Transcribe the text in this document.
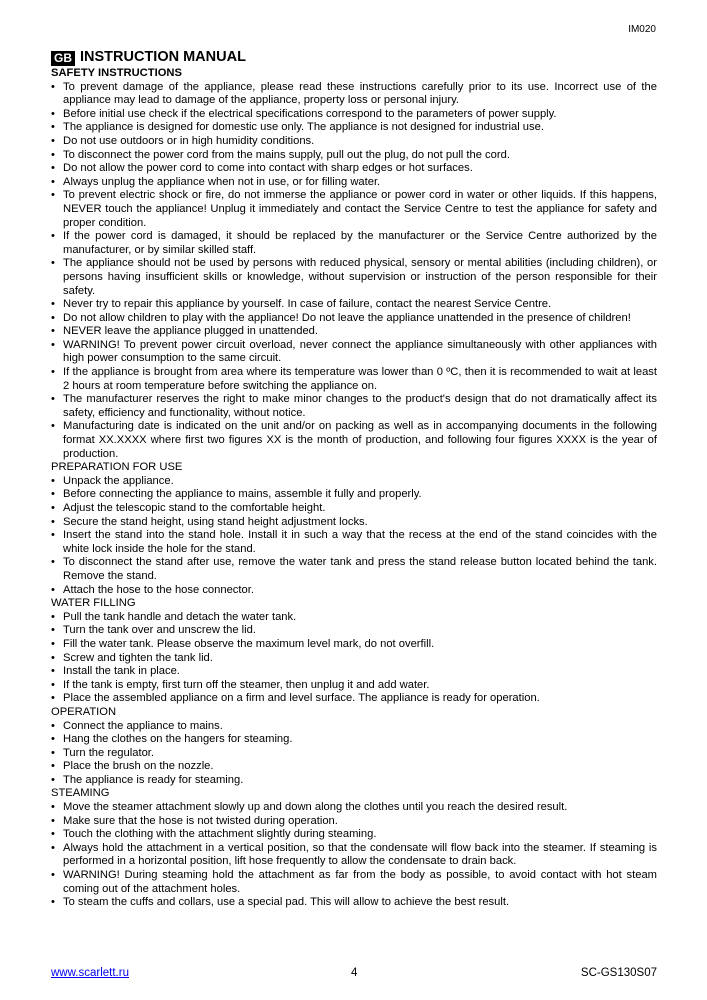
IM020
GB INSTRUCTION MANUAL
SAFETY INSTRUCTIONS
• To prevent damage of the appliance, please read these instructions carefully prior to its use. Incorrect use of the appliance may lead to damage of the appliance, property loss or personal injury.
• Before initial use check if the electrical specifications correspond to the parameters of power supply.
• The appliance is designed for domestic use only. The appliance is not designed for industrial use.
• Do not use outdoors or in high humidity conditions.
• To disconnect the power cord from the mains supply, pull out the plug, do not pull the cord.
• Do not allow the power cord to come into contact with sharp edges or hot surfaces.
• Always unplug the appliance when not in use, or for filling water.
• To prevent electric shock or fire, do not immerse the appliance or power cord in water or other liquids. If this happens, NEVER touch the appliance! Unplug it immediately and contact the Service Centre to test the appliance for safety and proper condition.
• If the power cord is damaged, it should be replaced by the manufacturer or the Service Centre authorized by the manufacturer, or by similar skilled staff.
• The appliance should not be used by persons with reduced physical, sensory or mental abilities (including children), or persons having insufficient skills or knowledge, without supervision or instruction of the person responsible for their safety.
• Never try to repair this appliance by yourself. In case of failure, contact the nearest Service Centre.
• Do not allow children to play with the appliance! Do not leave the appliance unattended in the presence of children!
• NEVER leave the appliance plugged in unattended.
• WARNING! To prevent power circuit overload, never connect the appliance simultaneously with other appliances with high power consumption to the same circuit.
• If the appliance is brought from area where its temperature was lower than 0 ºC, then it is recommended to wait at least 2 hours at room temperature before switching the appliance on.
• The manufacturer reserves the right to make minor changes to the product's design that do not dramatically affect its safety, efficiency and functionality, without notice.
• Manufacturing date is indicated on the unit and/or on packing as well as in accompanying documents in the following format XX.XXXX where first two figures XX is the month of production, and following four figures XXXX is the year of production.
PREPARATION FOR USE
• Unpack the appliance.
• Before connecting the appliance to mains, assemble it fully and properly.
• Adjust the telescopic stand to the comfortable height.
• Secure the stand height, using stand height adjustment locks.
• Insert the stand into the stand hole. Install it in such a way that the recess at the end of the stand coincides with the white lock inside the hole for the stand.
• To disconnect the stand after use, remove the water tank and press the stand release button located behind the tank. Remove the stand.
• Attach the hose to the hose connector.
WATER FILLING
• Pull the tank handle and detach the water tank.
• Turn the tank over and unscrew the lid.
• Fill the water tank. Please observe the maximum level mark, do not overfill.
• Screw and tighten the tank lid.
• Install the tank in place.
• If the tank is empty, first turn off the steamer, then unplug it and add water.
• Place the assembled appliance on a firm and level surface. The appliance is ready for operation.
OPERATION
• Connect the appliance to mains.
• Hang the clothes on the hangers for steaming.
• Turn the regulator.
• Place the brush on the nozzle.
• The appliance is ready for steaming.
STEAMING
• Move the steamer attachment slowly up and down along the clothes until you reach the desired result.
• Make sure that the hose is not twisted during operation.
• Touch the clothing with the attachment slightly during steaming.
• Always hold the attachment in a vertical position, so that the condensate will flow back into the steamer. If steaming is performed in a horizontal position, lift hose frequently to allow the condensate to drain back.
• WARNING! During steaming hold the attachment as far from the body as possible, to avoid contact with hot steam coming out of the attachment holes.
• To steam the cuffs and collars, use a special pad. This will allow to achieve the best result.
www.scarlett.ru	4	SC-GS130S07
